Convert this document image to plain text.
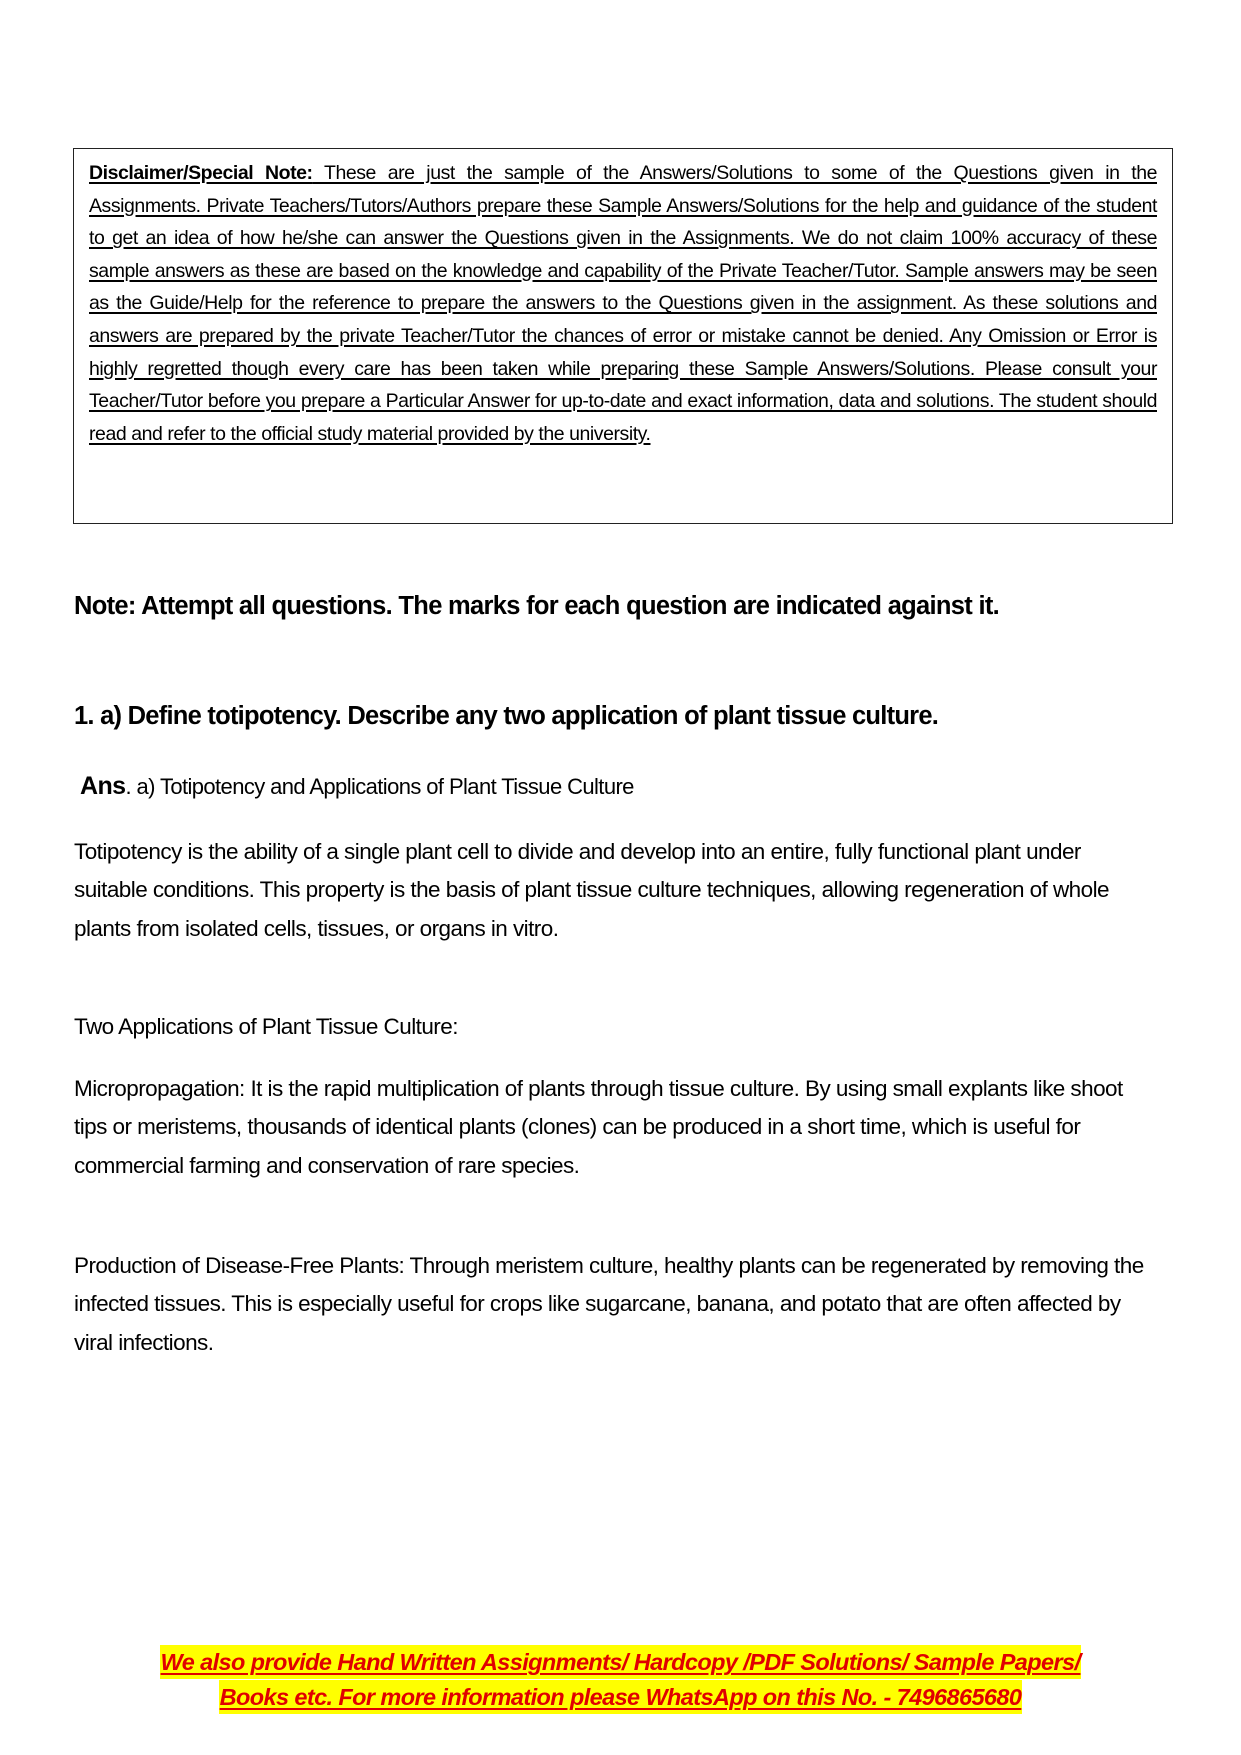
Disclaimer/Special Note: These are just the sample of the Answers/Solutions to some of the Questions given in the Assignments. Private Teachers/Tutors/Authors prepare these Sample Answers/Solutions for the help and guidance of the student to get an idea of how he/she can answer the Questions given in the Assignments. We do not claim 100% accuracy of these sample answers as these are based on the knowledge and capability of the Private Teacher/Tutor. Sample answers may be seen as the Guide/Help for the reference to prepare the answers to the Questions given in the assignment. As these solutions and answers are prepared by the private Teacher/Tutor the chances of error or mistake cannot be denied. Any Omission or Error is highly regretted though every care has been taken while preparing these Sample Answers/Solutions. Please consult your Teacher/Tutor before you prepare a Particular Answer for up-to-date and exact information, data and solutions. The student should read and refer to the official study material provided by the university.

Note: Attempt all questions. The marks for each question are indicated against it.

1. a) Define totipotency. Describe any two application of plant tissue culture.

Ans. a) Totipotency and Applications of Plant Tissue Culture

Totipotency is the ability of a single plant cell to divide and develop into an entire, fully functional plant under suitable conditions. This property is the basis of plant tissue culture techniques, allowing regeneration of whole plants from isolated cells, tissues, or organs in vitro.

Two Applications of Plant Tissue Culture:

Micropropagation: It is the rapid multiplication of plants through tissue culture. By using small explants like shoot tips or meristems, thousands of identical plants (clones) can be produced in a short time, which is useful for commercial farming and conservation of rare species.

Production of Disease-Free Plants: Through meristem culture, healthy plants can be regenerated by removing the infected tissues. This is especially useful for crops like sugarcane, banana, and potato that are often affected by viral infections.

We also provide Hand Written Assignments/ Hardcopy /PDF Solutions/ Sample Papers/
Books etc. For more information please WhatsApp on this No. - 7496865680
